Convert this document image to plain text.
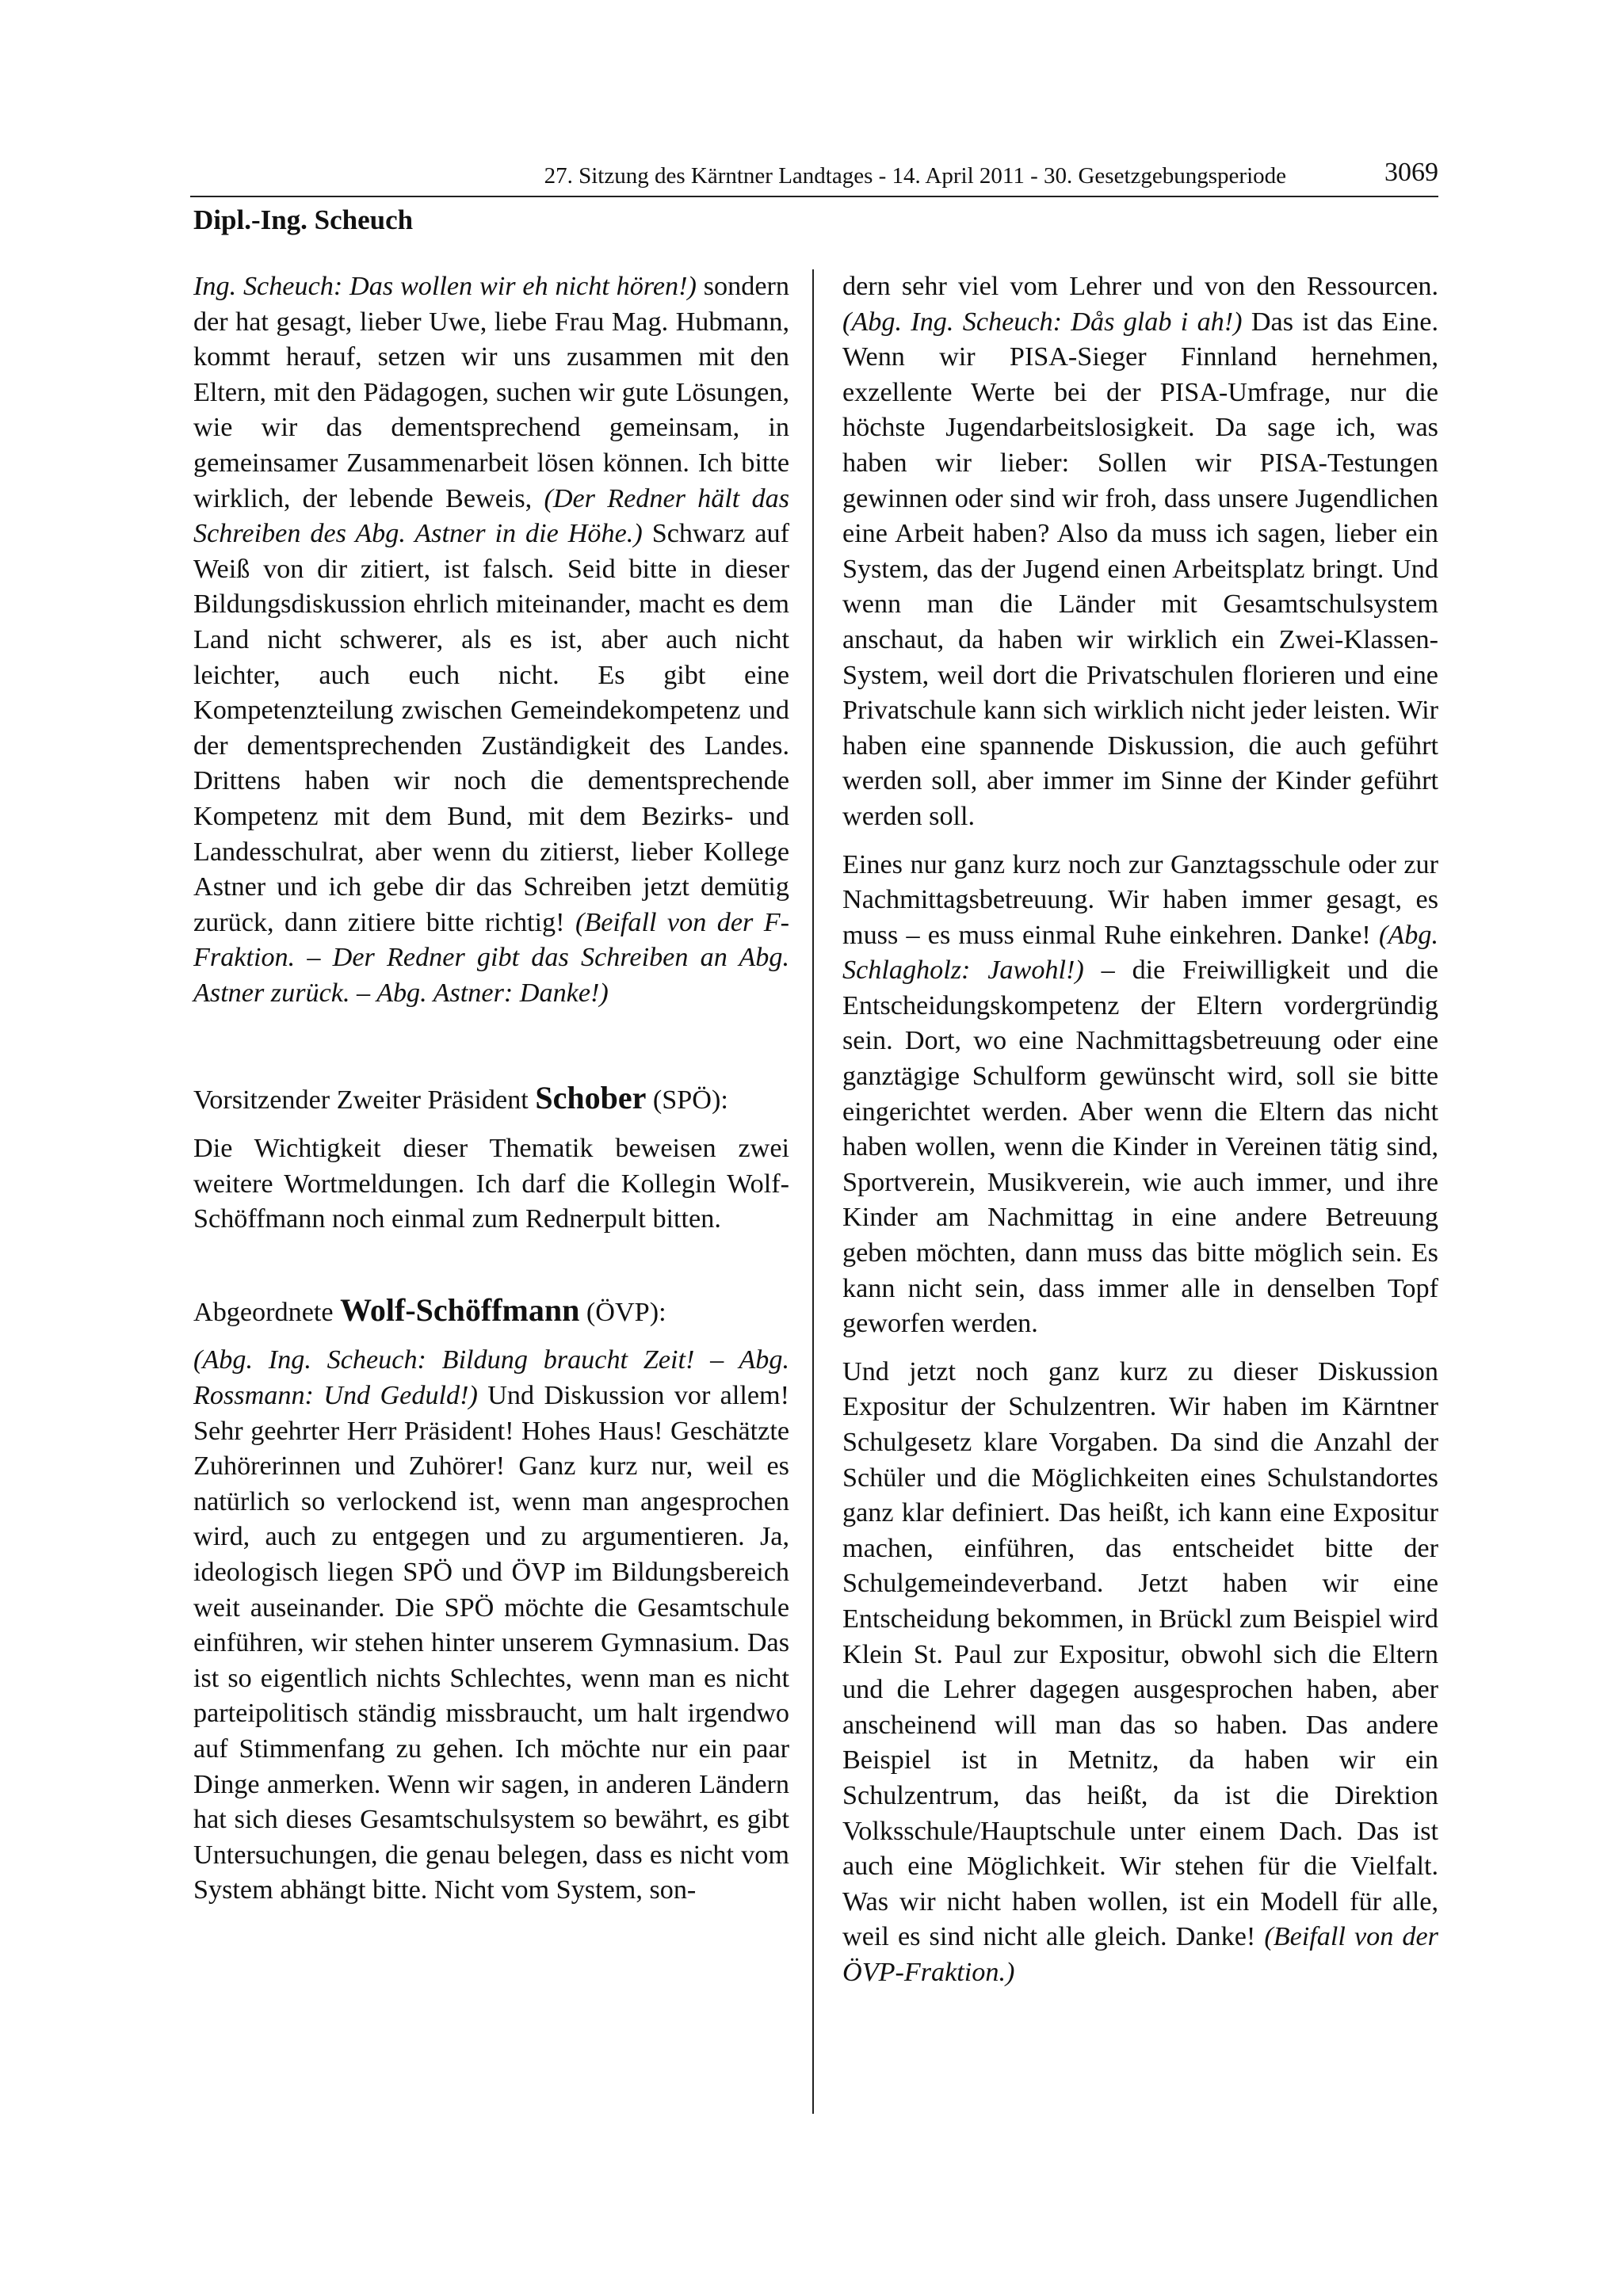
27. Sitzung des Kärntner Landtages - 14. April 2011 - 30. Gesetzgebungsperiode	3069
Dipl.-Ing. Scheuch

Ing. Scheuch: Das wollen wir eh nicht hören!) sondern der hat gesagt, lieber Uwe, liebe Frau Mag. Hubmann, kommt herauf, setzen wir uns zusammen mit den Eltern, mit den Pädagogen, suchen wir gute Lösungen, wie wir das dementsprechend gemeinsam, in gemeinsamer Zusammenarbeit lösen können. Ich bitte wirklich, der lebende Beweis, (Der Redner hält das Schreiben des Abg. Astner in die Höhe.) Schwarz auf Weiß von dir zitiert, ist falsch. Seid bitte in dieser Bildungsdiskussion ehrlich miteinander, macht es dem Land nicht schwerer, als es ist, aber auch nicht leichter, auch euch nicht. Es gibt eine Kompetenzteilung zwischen Gemeindekompetenz und der dementsprechenden Zuständigkeit des Landes. Drittens haben wir noch die dementsprechende Kompetenz mit dem Bund, mit dem Bezirks- und Landesschulrat, aber wenn du zitierst, lieber Kollege Astner und ich gebe dir das Schreiben jetzt demütig zurück, dann zitiere bitte richtig! (Beifall von der F-Fraktion. – Der Redner gibt das Schreiben an Abg. Astner zurück. – Abg. Astner: Danke!)

Vorsitzender Zweiter Präsident Schober (SPÖ):

Die Wichtigkeit dieser Thematik beweisen zwei weitere Wortmeldungen. Ich darf die Kollegin Wolf-Schöffmann noch einmal zum Rednerpult bitten.

Abgeordnete Wolf-Schöffmann (ÖVP):

(Abg. Ing. Scheuch: Bildung braucht Zeit! – Abg. Rossmann: Und Geduld!) Und Diskussion vor allem! Sehr geehrter Herr Präsident! Hohes Haus! Geschätzte Zuhörerinnen und Zuhörer! Ganz kurz nur, weil es natürlich so verlockend ist, wenn man angesprochen wird, auch zu entgegen und zu argumentieren. Ja, ideologisch liegen SPÖ und ÖVP im Bildungsbereich weit auseinander. Die SPÖ möchte die Gesamtschule einführen, wir stehen hinter unserem Gymnasium. Das ist so eigentlich nichts Schlechtes, wenn man es nicht parteipolitisch ständig missbraucht, um halt irgendwo auf Stimmenfang zu gehen. Ich möchte nur ein paar Dinge anmerken. Wenn wir sagen, in anderen Ländern hat sich dieses Gesamtschulsystem so bewährt, es gibt Untersuchungen, die genau belegen, dass es nicht vom System abhängt bitte. Nicht vom System, son-

dern sehr viel vom Lehrer und von den Ressourcen. (Abg. Ing. Scheuch: Dås glab i ah!) Das ist das Eine. Wenn wir PISA-Sieger Finnland hernehmen, exzellente Werte bei der PISA-Umfrage, nur die höchste Jugendarbeitslosigkeit. Da sage ich, was haben wir lieber: Sollen wir PISA-Testungen gewinnen oder sind wir froh, dass unsere Jugendlichen eine Arbeit haben? Also da muss ich sagen, lieber ein System, das der Jugend einen Arbeitsplatz bringt. Und wenn man die Länder mit Gesamtschulsystem anschaut, da haben wir wirklich ein Zwei-Klassen-System, weil dort die Privatschulen florieren und eine Privatschule kann sich wirklich nicht jeder leisten. Wir haben eine spannende Diskussion, die auch geführt werden soll, aber immer im Sinne der Kinder geführt werden soll.

Eines nur ganz kurz noch zur Ganztagsschule oder zur Nachmittagsbetreuung. Wir haben immer gesagt, es muss – es muss einmal Ruhe einkehren. Danke! (Abg. Schlagholz: Jawohl!) – die Freiwilligkeit und die Entscheidungskompetenz der Eltern vordergründig sein. Dort, wo eine Nachmittagsbetreuung oder eine ganztägige Schulform gewünscht wird, soll sie bitte eingerichtet werden. Aber wenn die Eltern das nicht haben wollen, wenn die Kinder in Vereinen tätig sind, Sportverein, Musikverein, wie auch immer, und ihre Kinder am Nachmittag in eine andere Betreuung geben möchten, dann muss das bitte möglich sein. Es kann nicht sein, dass immer alle in denselben Topf geworfen werden.

Und jetzt noch ganz kurz zu dieser Diskussion Expositur der Schulzentren. Wir haben im Kärntner Schulgesetz klare Vorgaben. Da sind die Anzahl der Schüler und die Möglichkeiten eines Schulstandortes ganz klar definiert. Das heißt, ich kann eine Expositur machen, einführen, das entscheidet bitte der Schulgemeindeverband. Jetzt haben wir eine Entscheidung bekommen, in Brückl zum Beispiel wird Klein St. Paul zur Expositur, obwohl sich die Eltern und die Lehrer dagegen ausgesprochen haben, aber anscheinend will man das so haben. Das andere Beispiel ist in Metnitz, da haben wir ein Schulzentrum, das heißt, da ist die Direktion Volksschule/Hauptschule unter einem Dach. Das ist auch eine Möglichkeit. Wir stehen für die Vielfalt. Was wir nicht haben wollen, ist ein Modell für alle, weil es sind nicht alle gleich. Danke! (Beifall von der ÖVP-Fraktion.)
